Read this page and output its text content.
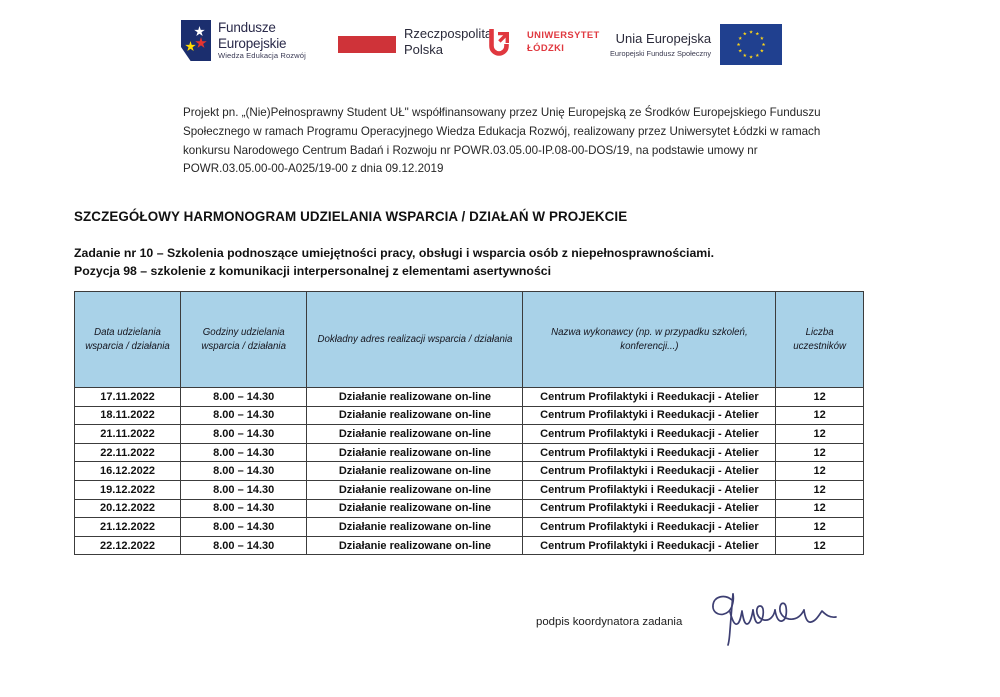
Fundusze
Europejskie
Wiedza Edukacja Rozwój
Rzeczpospolita
Polska
UNIWERSYTET
ŁÓDZKI
Unia Europejska
Europejski Fundusz Społeczny
Projekt pn. „(Nie)Pełnosprawny Student UŁ" współfinansowany przez Unię Europejską ze Środków Europejskiego Funduszu Społecznego w ramach Programu Operacyjnego Wiedza Edukacja Rozwój, realizowany przez Uniwersytet Łódzki w ramach konkursu Narodowego Centrum Badań i Rozwoju nr POWR.03.05.00-IP.08-00-DOS/19, na podstawie umowy nr POWR.03.05.00-00-A025/19-00 z dnia 09.12.2019
SZCZEGÓŁOWY HARMONOGRAM UDZIELANIA WSPARCIA / DZIAŁAŃ W PROJEKCIE
Zadanie nr 10 – Szkolenia podnoszące umiejętności pracy, obsługi i wsparcia osób z niepełnosprawnościami.
Pozycja 98 – szkolenie z komunikacji interpersonalnej z elementami asertywności
Data udzielania wsparcia / działania	Godziny udzielania wsparcia / działania	Dokładny adres realizacji wsparcia / działania	Nazwa wykonawcy (np. w przypadku szkoleń, konferencji...)	Liczba uczestników
17.11.2022	8.00 – 14.30	Działanie realizowane on-line	Centrum Profilaktyki i Reedukacji - Atelier	12
18.11.2022	8.00 – 14.30	Działanie realizowane on-line	Centrum Profilaktyki i Reedukacji - Atelier	12
21.11.2022	8.00 – 14.30	Działanie realizowane on-line	Centrum Profilaktyki i Reedukacji - Atelier	12
22.11.2022	8.00 – 14.30	Działanie realizowane on-line	Centrum Profilaktyki i Reedukacji - Atelier	12
16.12.2022	8.00 – 14.30	Działanie realizowane on-line	Centrum Profilaktyki i Reedukacji - Atelier	12
19.12.2022	8.00 – 14.30	Działanie realizowane on-line	Centrum Profilaktyki i Reedukacji - Atelier	12
20.12.2022	8.00 – 14.30	Działanie realizowane on-line	Centrum Profilaktyki i Reedukacji - Atelier	12
21.12.2022	8.00 – 14.30	Działanie realizowane on-line	Centrum Profilaktyki i Reedukacji - Atelier	12
22.12.2022	8.00 – 14.30	Działanie realizowane on-line	Centrum Profilaktyki i Reedukacji - Atelier	12
podpis koordynatora zadania
